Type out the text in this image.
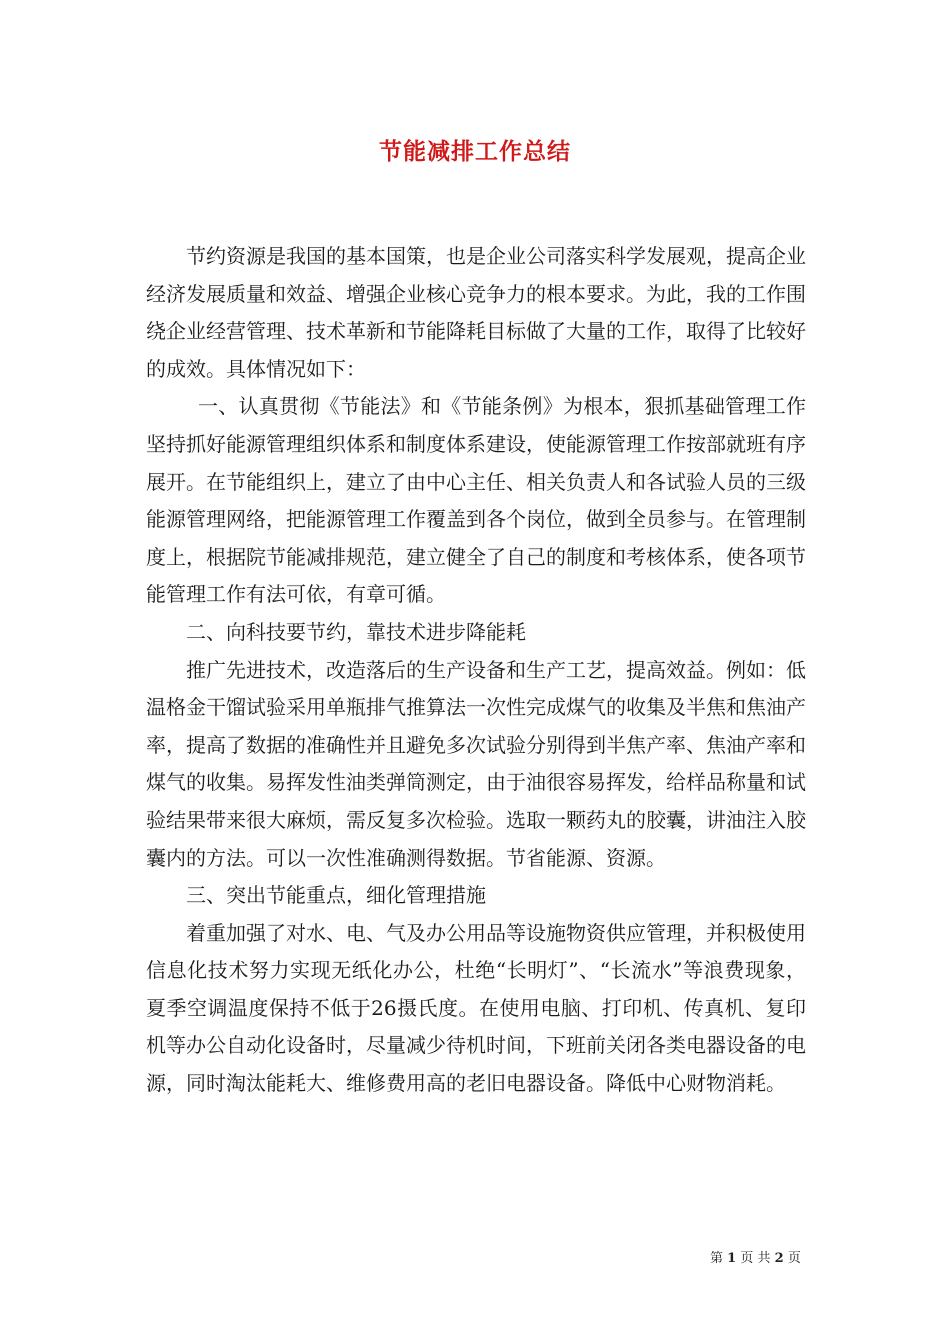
节能减排工作总结

节约资源是我国的基本国策，也是企业公司落实科学发展观，提高企业经济发展质量和效益、增强企业核心竞争力的根本要求。为此，我的工作围绕企业经营管理、技术革新和节能降耗目标做了大量的工作，取得了比较好的成效。具体情况如下：

一、认真贯彻《节能法》和《节能条例》为根本，狠抓基础管理工作坚持抓好能源管理组织体系和制度体系建设，使能源管理工作按部就班有序展开。在节能组织上，建立了由中心主任、相关负责人和各试验人员的三级能源管理网络，把能源管理工作覆盖到各个岗位，做到全员参与。在管理制度上，根据院节能减排规范，建立健全了自己的制度和考核体系，使各项节能管理工作有法可依，有章可循。

二、向科技要节约，靠技术进步降能耗

推广先进技术，改造落后的生产设备和生产工艺，提高效益。例如：低温格金干馏试验采用单瓶排气推算法一次性完成煤气的收集及半焦和焦油产率，提高了数据的准确性并且避免多次试验分别得到半焦产率、焦油产率和煤气的收集。易挥发性油类弹筒测定，由于油很容易挥发，给样品称量和试验结果带来很大麻烦，需反复多次检验。选取一颗药丸的胶囊，讲油注入胶囊内的方法。可以一次性准确测得数据。节省能源、资源。

三、突出节能重点，细化管理措施

着重加强了对水、电、气及办公用品等设施物资供应管理，并积极使用信息化技术努力实现无纸化办公，杜绝“长明灯”、“长流水”等浪费现象，夏季空调温度保持不低于26摄氏度。在使用电脑、打印机、传真机、复印机等办公自动化设备时，尽量减少待机时间，下班前关闭各类电器设备的电源，同时淘汰能耗大、维修费用高的老旧电器设备。降低中心财物消耗。

第 1 页 共 2 页
